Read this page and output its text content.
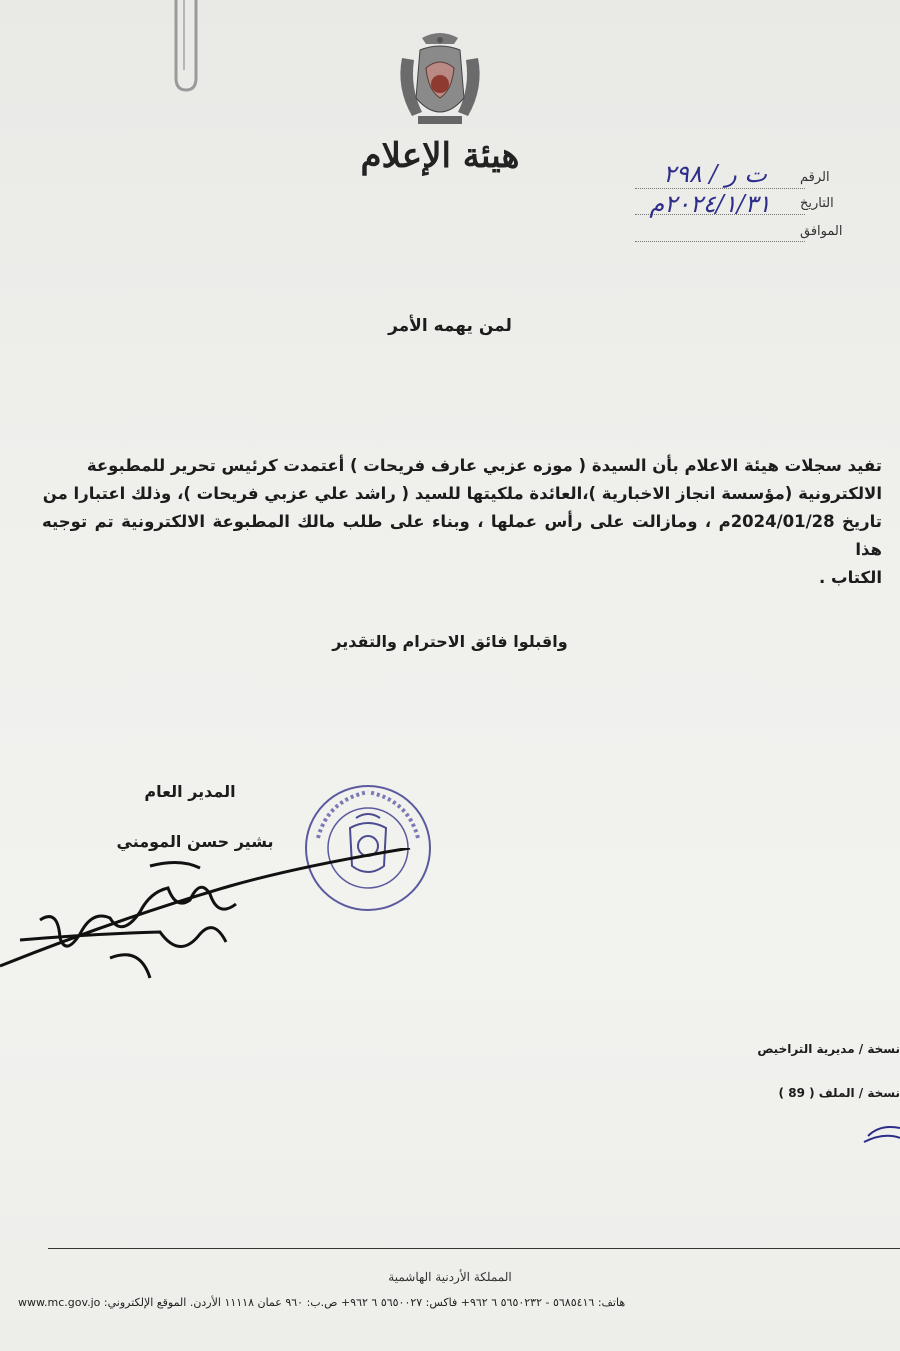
هيئة الإعلام
الرقم
التاريخ
الموافق
ت ر / ٢٩٨
٢٠٢٤/١/٣١م
لمن يهمه الأمر
تفيد سجلات هيئة الاعلام بأن السيدة ( موزه عزبي عارف فريحات ) أعتمدت كرئيس تحرير للمطبوعة
الالكترونية (مؤسسة انجاز الاخبارية )،العائدة ملكيتها للسيد ( راشد علي عزبي فريحات )، وذلك اعتبارا من
تاريخ 2024/01/28م ، ومازالت على رأس عملها ، وبناء على طلب مالك المطبوعة الالكترونية تم توجيه هذا
الكتاب .
واقبلوا فائق الاحترام والتقدير
المدير العام
بشير حسن المومني
نسخة / مديرية التراخيص
نسخة / الملف ( 89 )
المملكة الأردنية الهاشمية
هاتف: ٥٦٨٥٤١٦ - ٥٦٥٠٢٣٢ ٦ ٩٦٢+ فاكس: ٥٦٥٠٠٢٧ ٦ ٩٦٢+ ص.ب: ٩٦٠ عمان ١١١١٨ الأردن. الموقع الإلكتروني: www.mc.gov.jo
